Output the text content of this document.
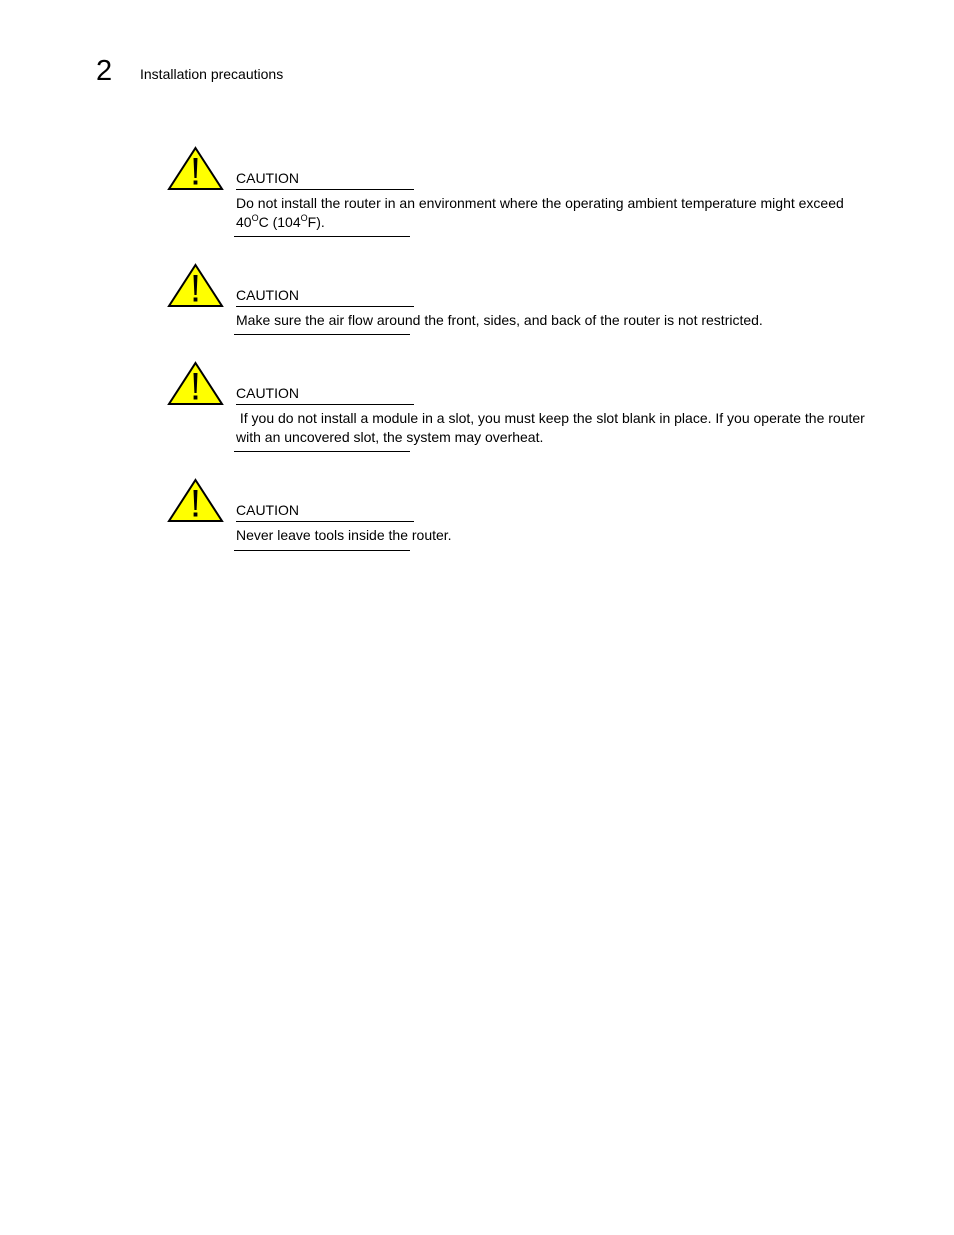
2 Installation precautions
CAUTION
Do not install the router in an environment where the operating ambient temperature might exceed $40^OC$ $(104^OF)$.
CAUTION
Make sure the air flow around the front, sides, and back of the router is not restricted.
CAUTION
If you do not install a module in a slot, you must keep the slot blank in place. If you operate the router with an uncovered slot, the system may overheat.
CAUTION
Never leave tools inside the router.
